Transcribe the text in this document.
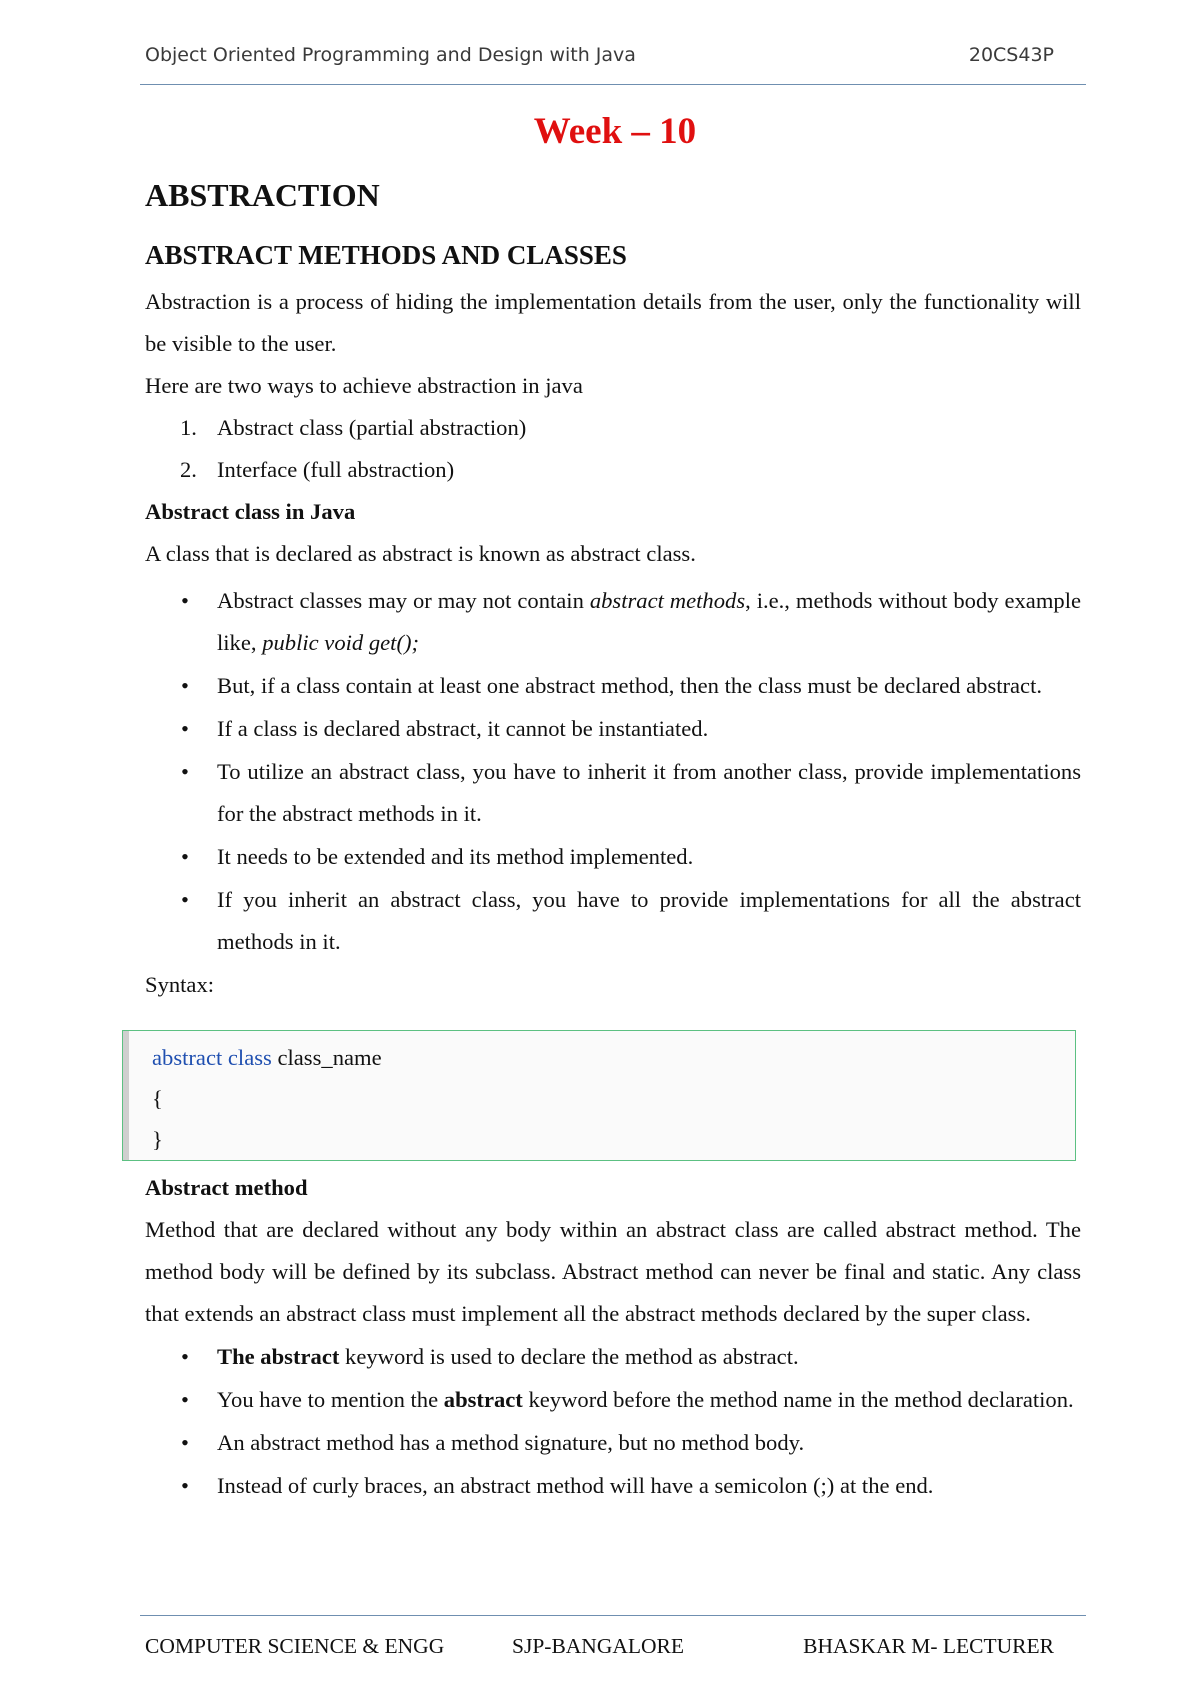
Object Oriented Programming and Design with Java	20CS43P
Week – 10
ABSTRACTION
ABSTRACT METHODS AND CLASSES
Abstraction is a process of hiding the implementation details from the user, only the functionality will be visible to the user.
Here are two ways to achieve abstraction in java
1. Abstract class (partial abstraction)
2. Interface (full abstraction)
Abstract class in Java
A class that is declared as abstract is known as abstract class.
• Abstract classes may or may not contain abstract methods, i.e., methods without body example like, public void get();
• But, if a class contain at least one abstract method, then the class must be declared abstract.
• If a class is declared abstract, it cannot be instantiated.
• To utilize an abstract class, you have to inherit it from another class, provide implementations for the abstract methods in it.
• It needs to be extended and its method implemented.
• If you inherit an abstract class, you have to provide implementations for all the abstract methods in it.
Syntax:
abstract class class_name
{
}
Abstract method
Method that are declared without any body within an abstract class are called abstract method. The method body will be defined by its subclass. Abstract method can never be final and static. Any class that extends an abstract class must implement all the abstract methods declared by the super class.
• The abstract keyword is used to declare the method as abstract.
• You have to mention the abstract keyword before the method name in the method declaration.
• An abstract method has a method signature, but no method body.
• Instead of curly braces, an abstract method will have a semicolon (;) at the end.
COMPUTER SCIENCE & ENGG	SJP-BANGALORE	BHASKAR M- LECTURER
